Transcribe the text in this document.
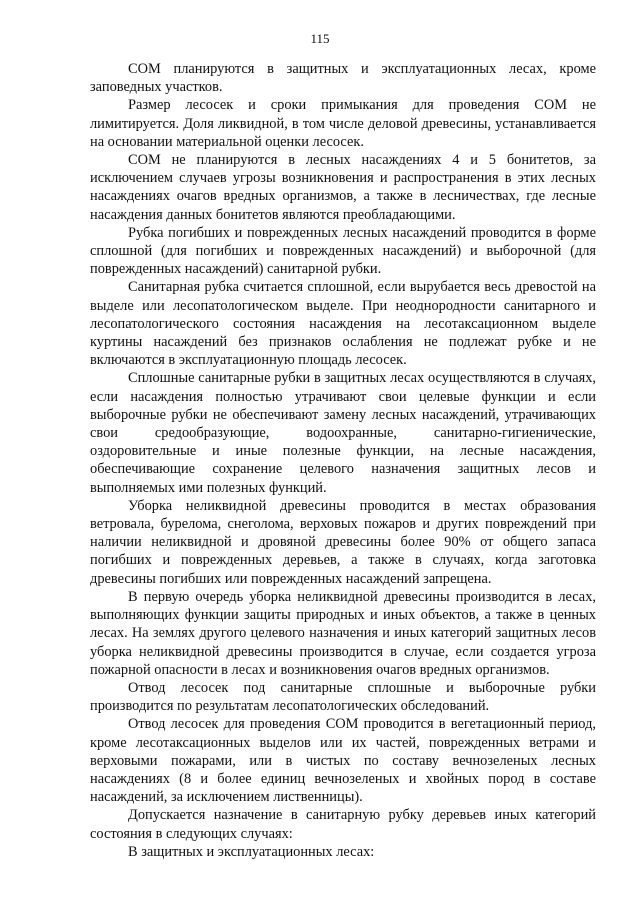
115

СОМ планируются в защитных и эксплуатационных лесах, кроме заповедных участков.

Размер лесосек и сроки примыкания для проведения СОМ не лимитируется. Доля ликвидной, в том числе деловой древесины, устанавливается на основании материальной оценки лесосек.

СОМ не планируются в лесных насаждениях 4 и 5 бонитетов, за исключением случаев угрозы возникновения и распространения в этих лесных насаждениях очагов вредных организмов, а также в лесничествах, где лесные насаждения данных бонитетов являются преобладающими.

Рубка погибших и поврежденных лесных насаждений проводится в форме сплошной (для погибших и поврежденных насаждений) и выборочной (для поврежденных насаждений) санитарной рубки.

Санитарная рубка считается сплошной, если вырубается весь древостой на выделе или лесопатологическом выделе. При неоднородности санитарного и лесопатологического состояния насаждения на лесотаксационном выделе куртины насаждений без признаков ослабления не подлежат рубке и не включаются в эксплуатационную площадь лесосек.

Сплошные санитарные рубки в защитных лесах осуществляются в случаях, если насаждения полностью утрачивают свои целевые функции и если выборочные рубки не обеспечивают замену лесных насаждений, утрачивающих свои средообразующие, водоохранные, санитарно-гигиенические, оздоровительные и иные полезные функции, на лесные насаждения, обеспечивающие сохранение целевого назначения защитных лесов и выполняемых ими полезных функций.

Уборка неликвидной древесины проводится в местах образования ветровала, бурелома, снеголома, верховых пожаров и других повреждений при наличии неликвидной и дровяной древесины более 90% от общего запаса погибших и поврежденных деревьев, а также в случаях, когда заготовка древесины погибших или поврежденных насаждений запрещена.

В первую очередь уборка неликвидной древесины производится в лесах, выполняющих функции защиты природных и иных объектов, а также в ценных лесах. На землях другого целевого назначения и иных категорий защитных лесов уборка неликвидной древесины производится в случае, если создается угроза пожарной опасности в лесах и возникновения очагов вредных организмов.

Отвод лесосек под санитарные сплошные и выборочные рубки производится по результатам лесопатологических обследований.

Отвод лесосек для проведения СОМ проводится в вегетационный период, кроме лесотаксационных выделов или их частей, поврежденных ветрами и верховыми пожарами, или в чистых по составу вечнозеленых лесных насаждениях (8 и более единиц вечнозеленых и хвойных пород в составе насаждений, за исключением лиственницы).

Допускается назначение в санитарную рубку деревьев иных категорий состояния в следующих случаях:

В защитных и эксплуатационных лесах:
